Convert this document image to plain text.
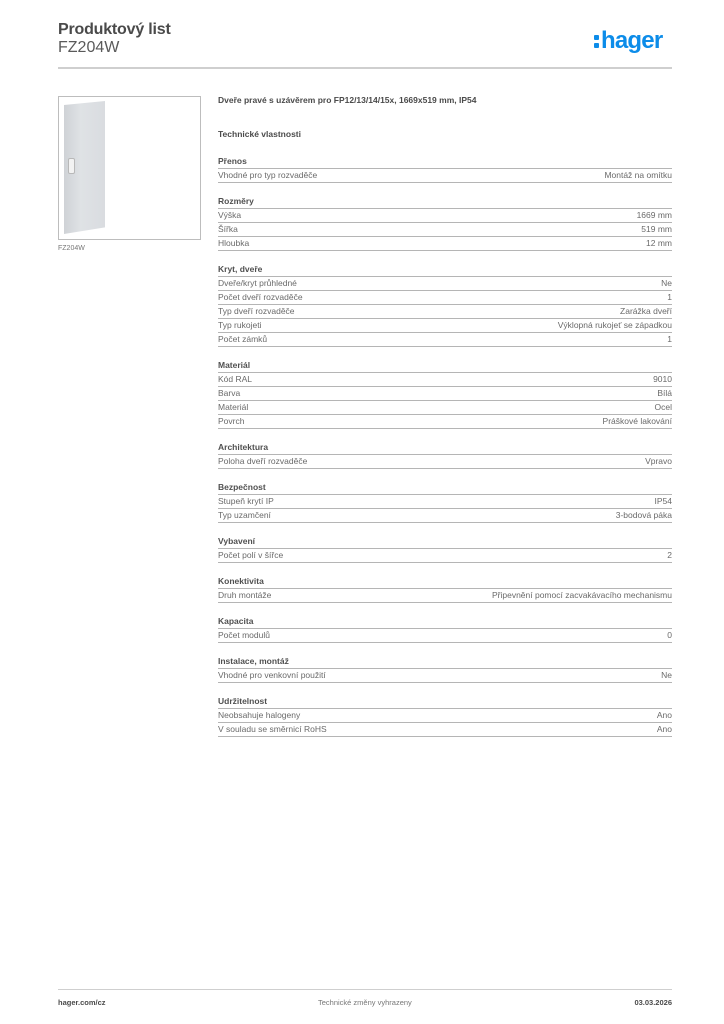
Produktový list
FZ204W	hager
FZ204W
Dveře pravé s uzávěrem pro FP12/13/14/15x, 1669x519 mm, IP54
Technické vlastnosti
Přenos
Vhodné pro typ rozvaděče	Montáž na omítku
Rozměry
Výška	1669 mm
Šířka	519 mm
Hloubka	12 mm
Kryt, dveře
Dveře/kryt průhledné	Ne
Počet dveří rozvaděče	1
Typ dveří rozvaděče	Zarážka dveří
Typ rukojeti	Výklopná rukojeť se západkou
Počet zámků	1
Materiál
Kód RAL	9010
Barva	Bílá
Materiál	Ocel
Povrch	Práškové lakování
Architektura
Poloha dveří rozvaděče	Vpravo
Bezpečnost
Stupeň krytí IP	IP54
Typ uzamčení	3-bodová páka
Vybavení
Počet polí v šířce	2
Konektivita
Druh montáže	Připevnění pomocí zacvakávacího mechanismu
Kapacita
Počet modulů	0
Instalace, montáž
Vhodné pro venkovní použití	Ne
Udržitelnost
Neobsahuje halogeny	Ano
V souladu se směrnicí RoHS	Ano
hager.com/cz	Technické změny vyhrazeny	03.03.2026
